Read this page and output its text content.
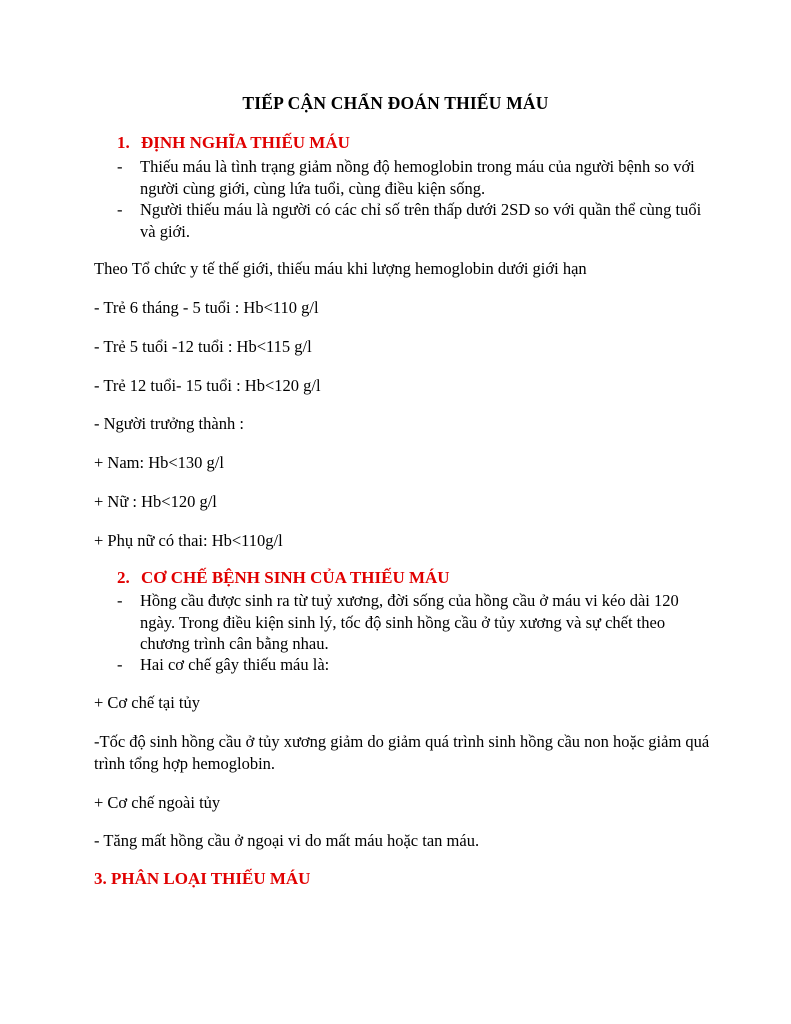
TIẾP CẬN CHẨN ĐOÁN THIẾU MÁU
1. ĐỊNH NGHĨA THIẾU MÁU
- Thiếu máu là tình trạng giảm nồng độ hemoglobin trong máu của người bệnh so với người cùng giới, cùng lứa tuổi, cùng điều kiện sống.
- Người thiếu máu là người có các chỉ số trên thấp dưới 2SD so với quần thể cùng tuổi và giới.
Theo Tổ chức y tế thế giới, thiếu máu khi lượng hemoglobin dưới giới hạn
- Trẻ 6 tháng - 5 tuổi : Hb<110 g/l
- Trẻ 5 tuổi -12 tuổi : Hb<115 g/l
- Trẻ 12 tuổi- 15 tuổi : Hb<120 g/l
- Người trưởng thành :
+ Nam: Hb<130 g/l
+ Nữ : Hb<120 g/l
+ Phụ nữ có thai: Hb<110g/l
2. CƠ CHẾ BỆNH SINH CỦA THIẾU MÁU
- Hồng cầu được sinh ra từ tuỷ xương, đời sống của hồng cầu ở máu vi kéo dài 120 ngày. Trong điều kiện sinh lý, tốc độ sinh hồng cầu ở tủy xương và sự chết theo chương trình cân bằng nhau.
- Hai cơ chế gây thiếu máu là:
+ Cơ chế tại tủy
-Tốc độ sinh hồng cầu ở tủy xương giảm do giảm quá trình sinh hồng cầu non hoặc giảm quá trình tổng hợp hemoglobin.
+ Cơ chế ngoài tủy
- Tăng mất hồng cầu ở ngoại vi do mất máu hoặc tan máu.
3. PHÂN LOẠI THIẾU MÁU
